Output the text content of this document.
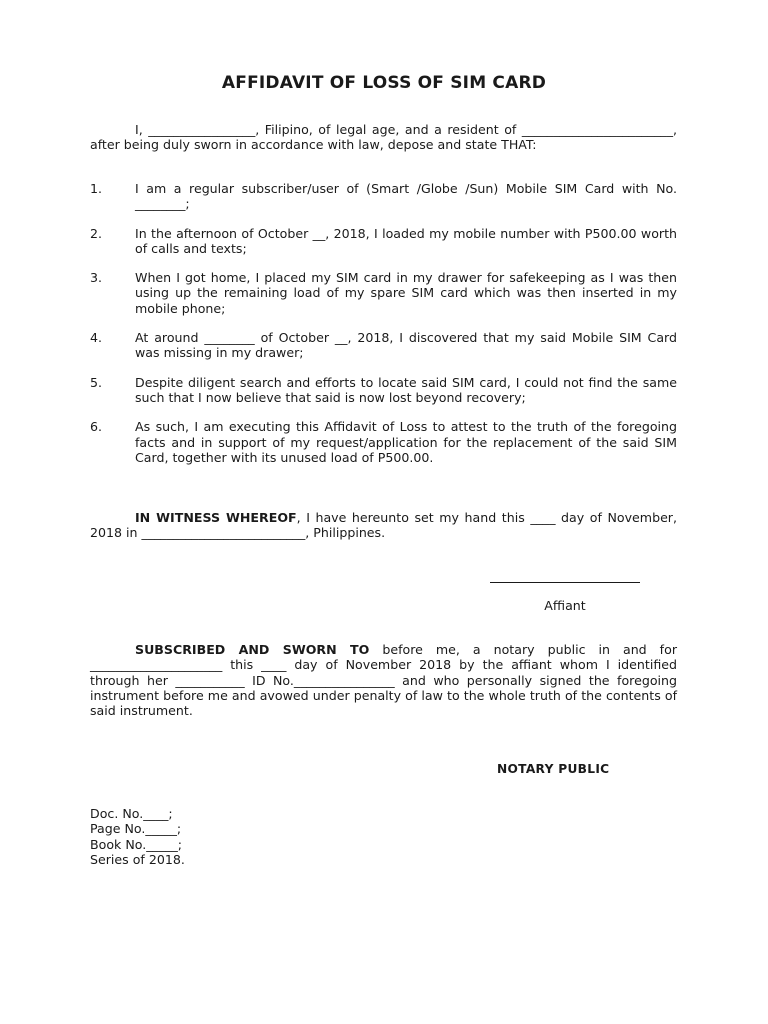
AFFIDAVIT OF LOSS OF SIM CARD

I, _________________, Filipino, of legal age, and a resident of ________________________, after being duly sworn in accordance with law, depose and state THAT:

1.	I am a regular subscriber/user of (Smart /Globe /Sun) Mobile SIM Card with No. ________;
2.	In the afternoon of October __, 2018, I loaded my mobile number with P500.00 worth of calls and texts;
3.	When I got home, I placed my SIM card in my drawer for safekeeping as I was then using up the remaining load of my spare SIM card which was then inserted in my mobile phone;
4.	At around ________ of October __, 2018, I discovered that my said Mobile SIM Card was missing in my drawer;
5.	Despite diligent search and efforts to locate said SIM card, I could not find the same such that I now believe that said is now lost beyond recovery;
6.	As such, I am executing this Affidavit of Loss to attest to the truth of the foregoing facts and in support of my request/application for the replacement of the said SIM Card, together with its unused load of P500.00.

IN WITNESS WHEREOF, I have hereunto set my hand this ____ day of November, 2018 in __________________________, Philippines.

Affiant

SUBSCRIBED AND SWORN TO before me, a notary public in and for _____________________ this ____ day of November 2018 by the affiant whom I identified through her ___________ ID No.________________ and who personally signed the foregoing instrument before me and avowed under penalty of law to the whole truth of the contents of said instrument.

NOTARY PUBLIC

Doc. No.____;
Page No._____;
Book No._____;
Series of 2018.
